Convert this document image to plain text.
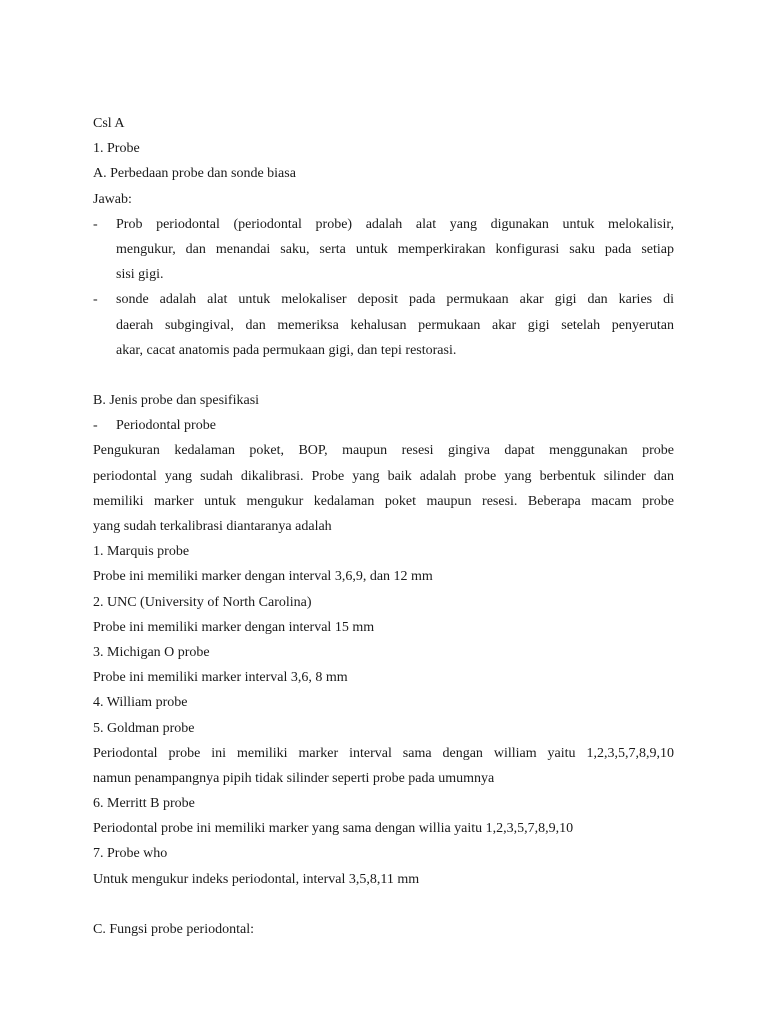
Csl A
1. Probe
A. Perbedaan probe dan sonde biasa
Jawab:
-	Prob periodontal (periodontal probe) adalah alat yang digunakan untuk melokalisir,
mengukur, dan menandai saku, serta untuk memperkirakan konfigurasi saku pada setiap
sisi gigi.
-	sonde adalah alat untuk melokaliser deposit pada permukaan akar gigi dan karies di
daerah subgingival, dan memeriksa kehalusan permukaan akar gigi setelah penyerutan
akar, cacat anatomis pada permukaan gigi, dan tepi restorasi.
B. Jenis probe dan spesifikasi
-	Periodontal probe
Pengukuran kedalaman poket, BOP, maupun resesi gingiva dapat menggunakan probe
periodontal yang sudah dikalibrasi. Probe yang baik adalah probe yang berbentuk silinder dan
memiliki marker untuk mengukur kedalaman poket maupun resesi. Beberapa macam probe
yang sudah terkalibrasi diantaranya adalah
1. Marquis probe
Probe ini memiliki marker dengan interval 3,6,9, dan 12 mm
2. UNC (University of North Carolina)
Probe ini memiliki marker dengan interval 15 mm
3. Michigan O probe
Probe ini memiliki marker interval 3,6, 8 mm
4. William probe
5. Goldman probe
Periodontal probe ini memiliki marker interval sama dengan william yaitu 1,2,3,5,7,8,9,10
namun penampangnya pipih tidak silinder seperti probe pada umumnya
6. Merritt B probe
Periodontal probe ini memiliki marker yang sama dengan willia yaitu 1,2,3,5,7,8,9,10
7. Probe who
Untuk mengukur indeks periodontal, interval 3,5,8,11 mm
C. Fungsi probe periodontal:
